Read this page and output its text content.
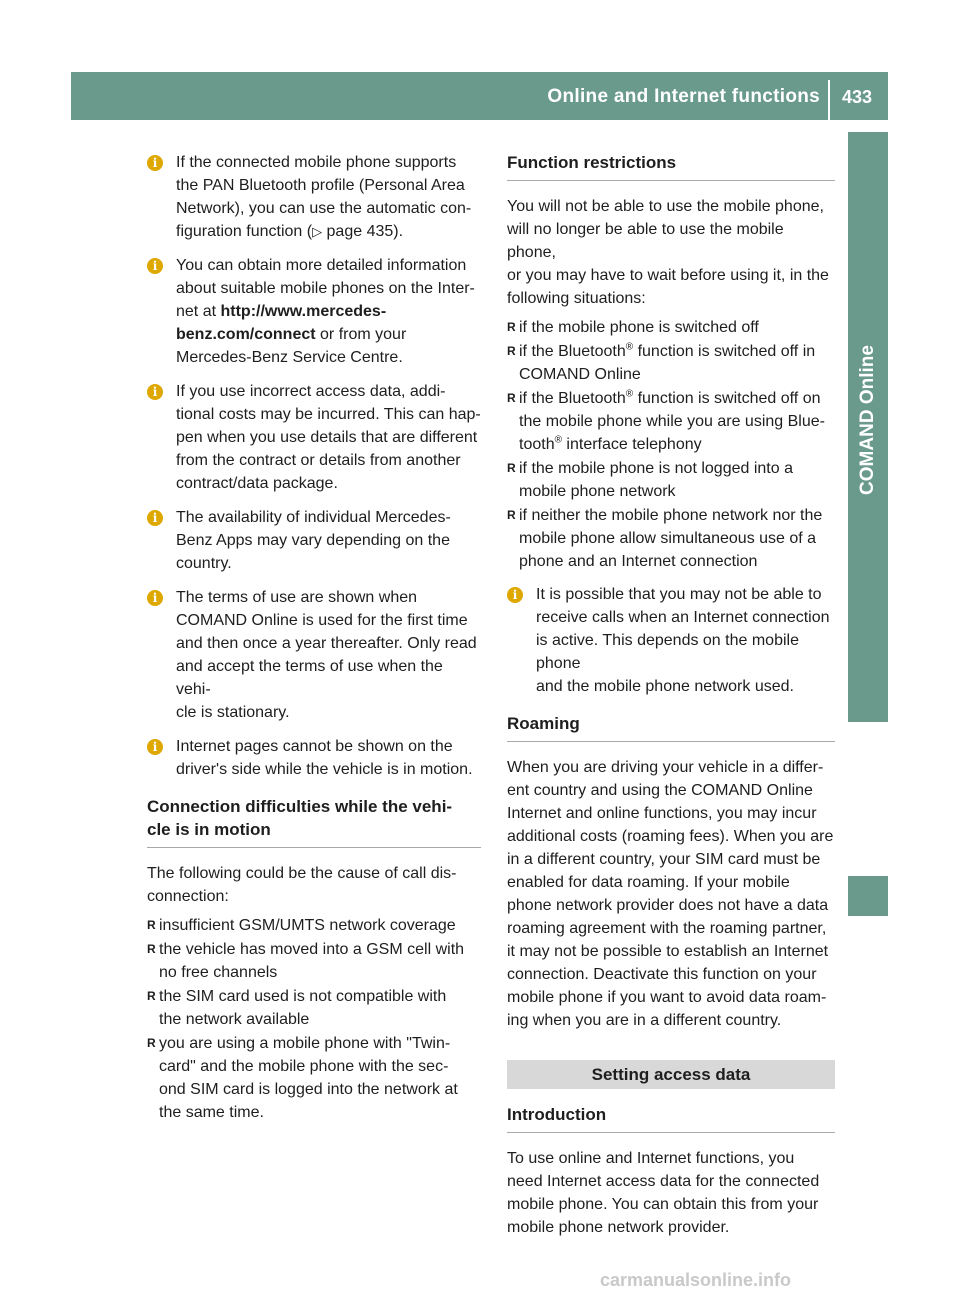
Online and Internet functions 433
COMAND Online
i	If the connected mobile phone supports
the PAN Bluetooth profile (Personal Area
Network), you can use the automatic con-
figuration function (▷ page 435).
i	You can obtain more detailed information
about suitable mobile phones on the Inter-
net at http://www.mercedes-
benz.com/connect or from your
Mercedes-Benz Service Centre.
i	If you use incorrect access data, addi-
tional costs may be incurred. This can hap-
pen when you use details that are different
from the contract or details from another
contract/data package.
i	The availability of individual Mercedes-
Benz Apps may vary depending on the
country.
i	The terms of use are shown when
COMAND Online is used for the first time
and then once a year thereafter. Only read
and accept the terms of use when the vehi-
cle is stationary.
i	Internet pages cannot be shown on the
driver's side while the vehicle is in motion.
Connection difficulties while the vehi-
cle is in motion

The following could be the cause of call dis-
connection:

R insufficient GSM/UMTS network coverage
R the vehicle has moved into a GSM cell with
no free channels
R the SIM card used is not compatible with
the network available
R you are using a mobile phone with "Twin-
card" and the mobile phone with the sec-
ond SIM card is logged into the network at
the same time.
Function restrictions

You will not be able to use the mobile phone,
will no longer be able to use the mobile phone,
or you may have to wait before using it, in the
following situations:

R if the mobile phone is switched off
R if the Bluetooth® function is switched off in
COMAND Online
R if the Bluetooth® function is switched off on
the mobile phone while you are using Blue-
tooth® interface telephony
R if the mobile phone is not logged into a
mobile phone network
R if neither the mobile phone network nor the
mobile phone allow simultaneous use of a
phone and an Internet connection
i	It is possible that you may not be able to
receive calls when an Internet connection
is active. This depends on the mobile phone
and the mobile phone network used.
Roaming

When you are driving your vehicle in a differ-
ent country and using the COMAND Online
Internet and online functions, you may incur
additional costs (roaming fees). When you are
in a different country, your SIM card must be
enabled for data roaming. If your mobile
phone network provider does not have a data
roaming agreement with the roaming partner,
it may not be possible to establish an Internet
connection. Deactivate this function on your
mobile phone if you want to avoid data roam-
ing when you are in a different country.

Setting access data
Introduction

To use online and Internet functions, you
need Internet access data for the connected
mobile phone. You can obtain this from your
mobile phone network provider.

carmanualsonline.info
